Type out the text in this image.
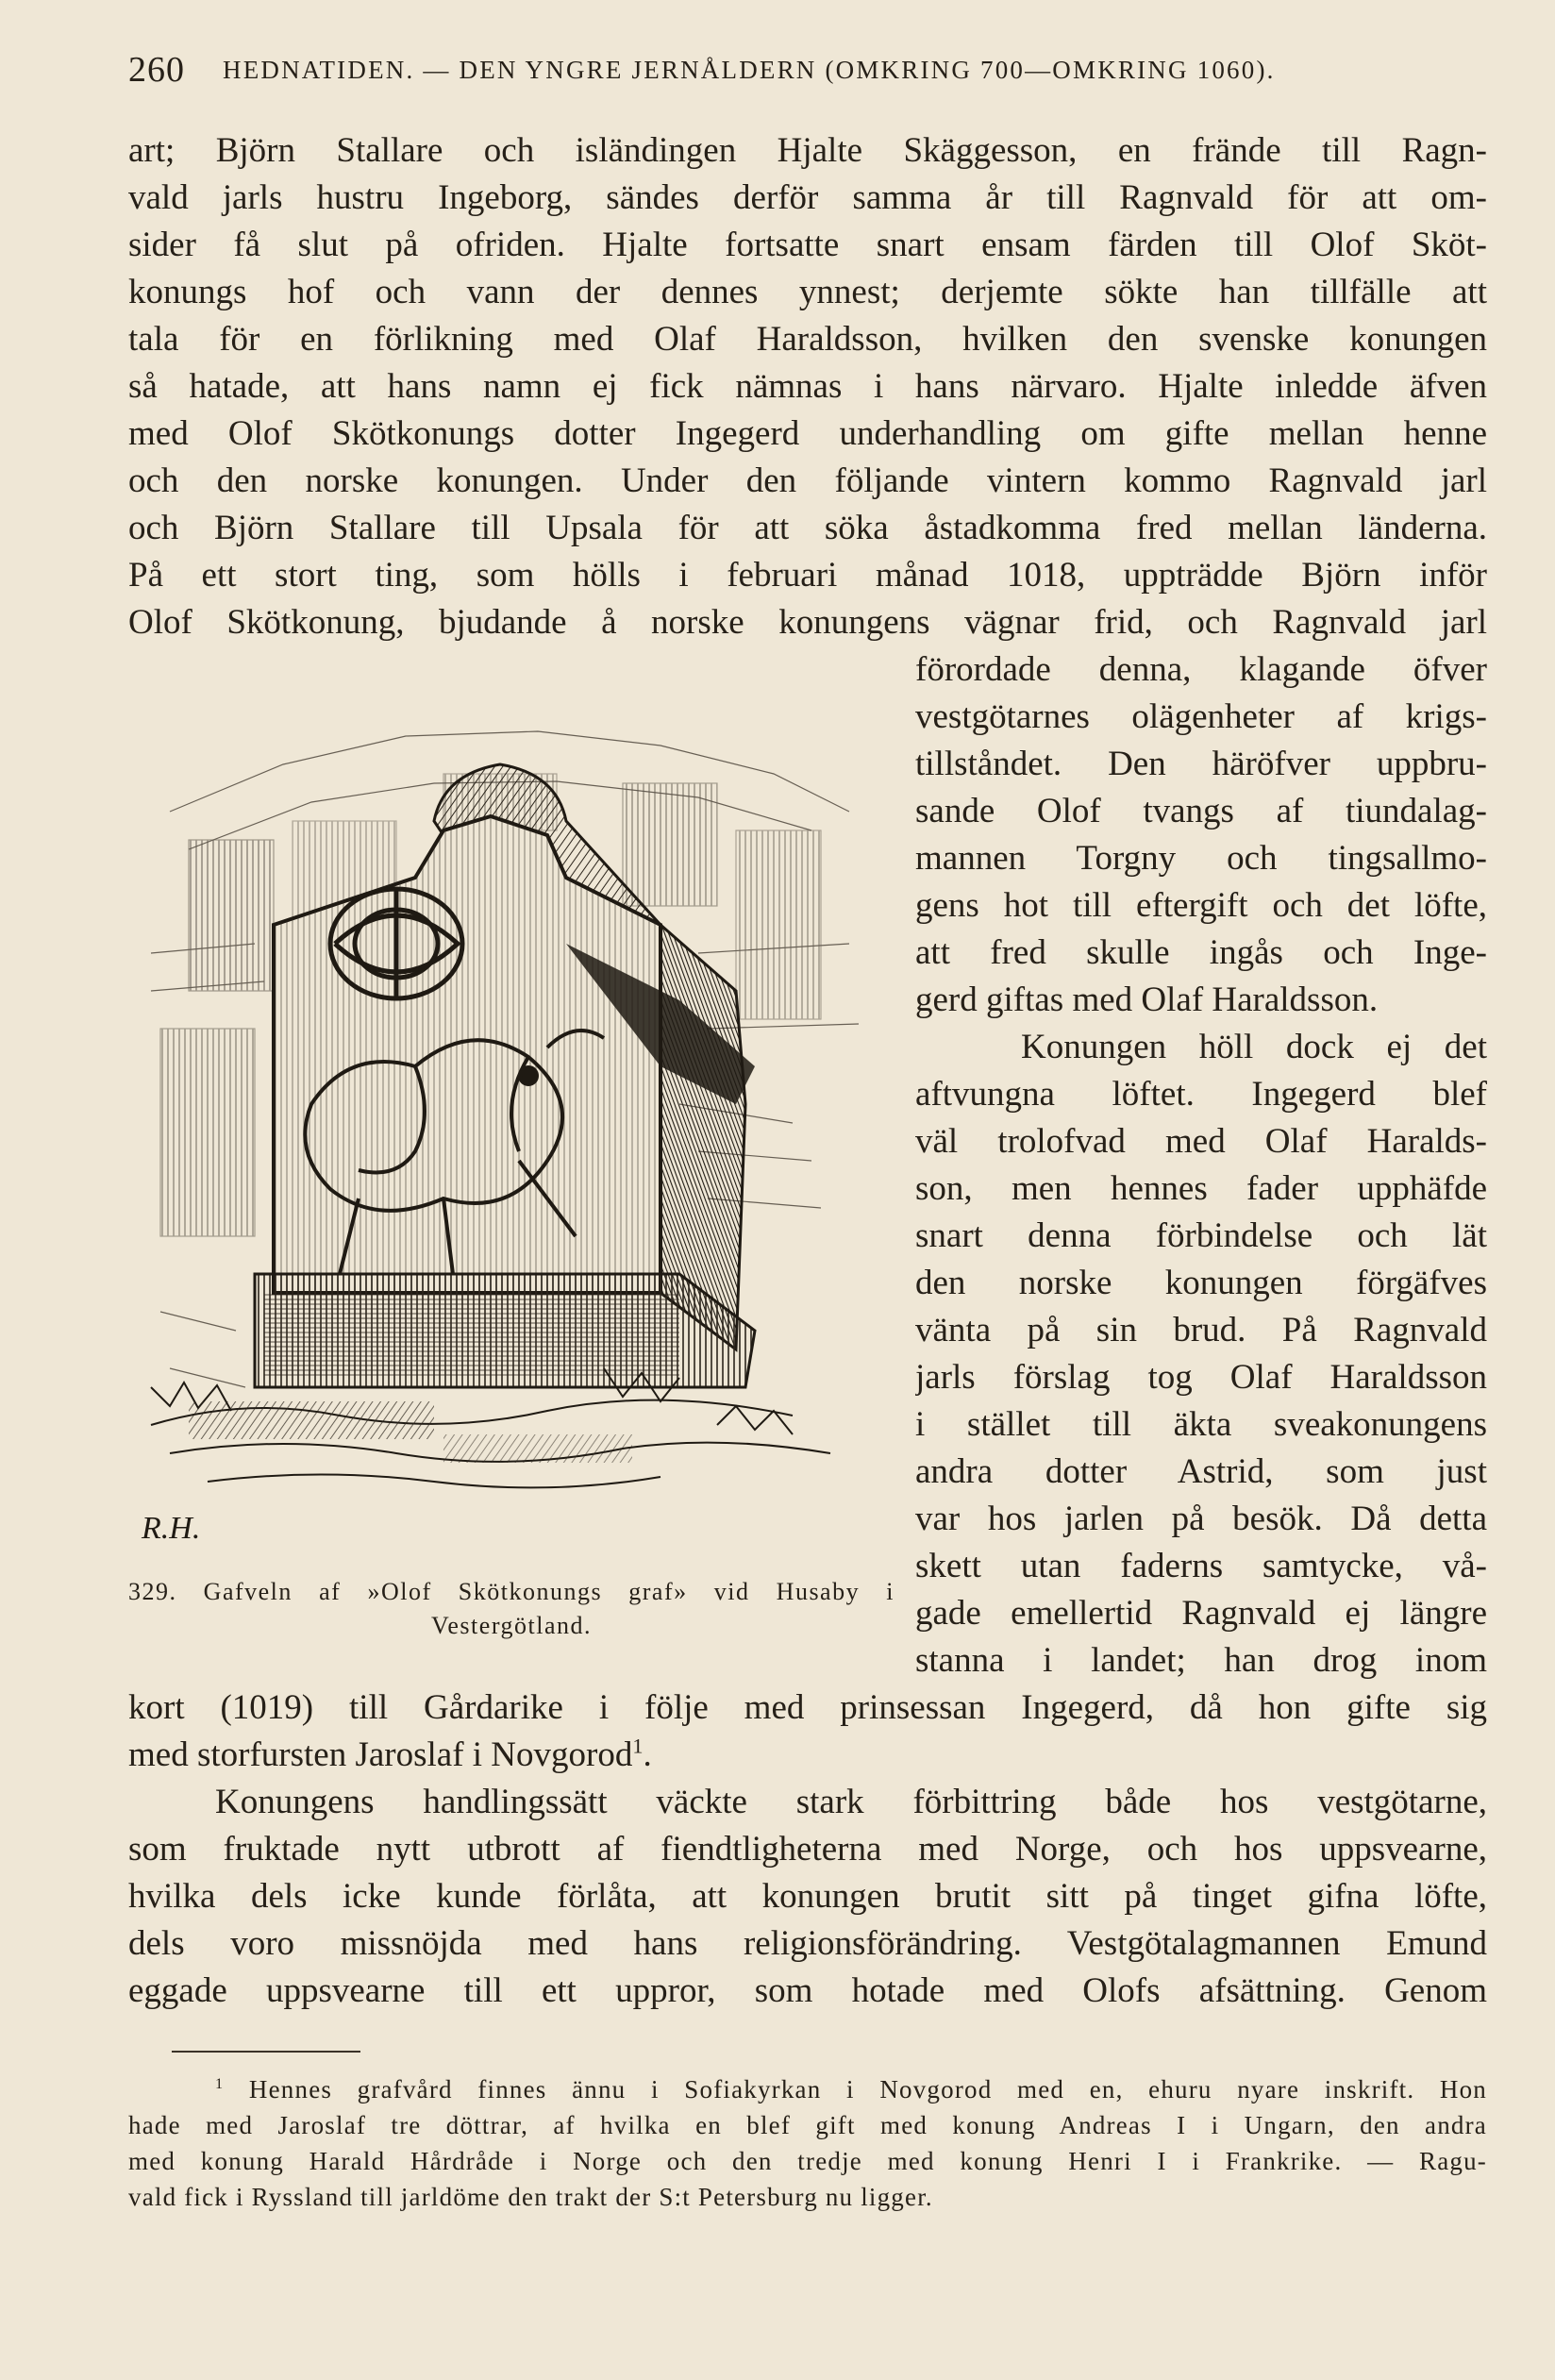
260 HEDNATIDEN. — DEN YNGRE JERNÅLDERN (OMKRING 700—OMKRING 1060).

art; Björn Stallare och isländingen Hjalte Skäggesson, en frände till Ragn-

vald jarls hustru Ingeborg, sändes derför samma år till Ragnvald för att om-

sider få slut på ofriden. Hjalte fortsatte snart ensam färden till Olof Sköt-

konungs hof och vann der dennes ynnest; derjemte sökte han tillfälle att

tala för en förlikning med Olaf Haraldsson, hvilken den svenske konungen

så hatade, att hans namn ej fick nämnas i hans närvaro. Hjalte inledde äfven

med Olof Skötkonungs dotter Ingegerd underhandling om gifte mellan henne

och den norske konungen. Under den följande vintern kommo Ragnvald jarl

och Björn Stallare till Upsala för att söka åstadkomma fred mellan länderna.

På ett stort ting, som hölls i februari månad 1018, uppträdde Björn inför

Olof Skötkonung, bjudande å norske konungens vägnar frid, och Ragnvald jarl

R.H.
329. Gafveln af »Olof Skötkonungs graf» vid Husaby i
Vestergötland.

förordade denna, klagande öfver

vestgötarnes olägenheter af krigs-

tillståndet. Den häröfver uppbru-

sande Olof tvangs af tiundalag-

mannen Torgny och tingsallmo-

gens hot till eftergift och det löfte,

att fred skulle ingås och Inge-

gerd giftas med Olaf Haraldsson.

Konungen höll dock ej det

aftvungna löftet. Ingegerd blef

väl trolofvad med Olaf Haralds-

son, men hennes fader upphäfde

snart denna förbindelse och lät

den norske konungen förgäfves

vänta på sin brud. På Ragnvald

jarls förslag tog Olaf Haraldsson

i stället till äkta sveakonungens

andra dotter Astrid, som just

var hos jarlen på besök. Då detta

skett utan faderns samtycke, vå-

gade emellertid Ragnvald ej längre

stanna i landet; han drog inom

kort (1019) till Gårdarike i följe med prinsessan Ingegerd, då hon gifte sig

med storfursten Jaroslaf i Novgorod$^1$.

Konungens handlingssätt väckte stark förbittring både hos vestgötarne,

som fruktade nytt utbrott af fiendtligheterna med Norge, och hos uppsvearne,

hvilka dels icke kunde förlåta, att konungen brutit sitt på tinget gifna löfte,

dels voro missnöjda med hans religionsförändring. Vestgötalagmannen Emund

eggade uppsvearne till ett uppror, som hotade med Olofs afsättning. Genom

$^1$ Hennes grafvård finnes ännu i Sofiakyrkan i Novgorod med en, ehuru nyare inskrift. Hon

hade med Jaroslaf tre döttrar, af hvilka en blef gift med konung Andreas I i Ungarn, den andra

med konung Harald Hårdråde i Norge och den tredje med konung Henri I i Frankrike. — Ragu-

vald fick i Ryssland till jarldöme den trakt der S:t Petersburg nu ligger.
